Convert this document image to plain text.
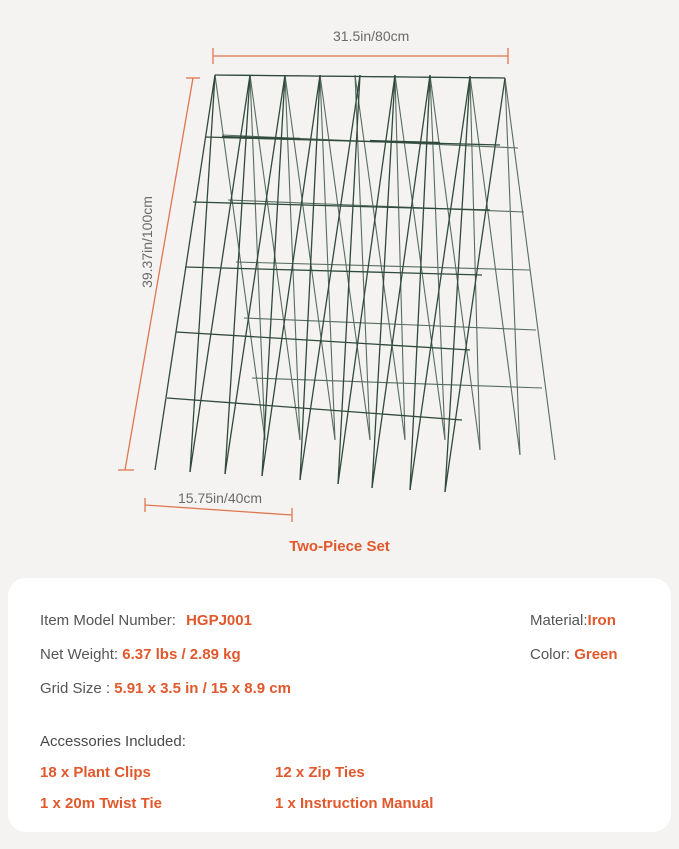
31.5in/80cm
39.37in/100cm
15.75in/40cm
Two-Piece Set
Item Model Number: HGPJ001
Net Weight: 6.37 lbs / 2.89 kg
Grid Size : 5.91 x 3.5 in / 15 x 8.9 cm
Material:Iron
Color: Green
Accessories Included:
18 x Plant Clips	12 x Zip Ties
1 x 20m Twist Tie	1 x Instruction Manual
